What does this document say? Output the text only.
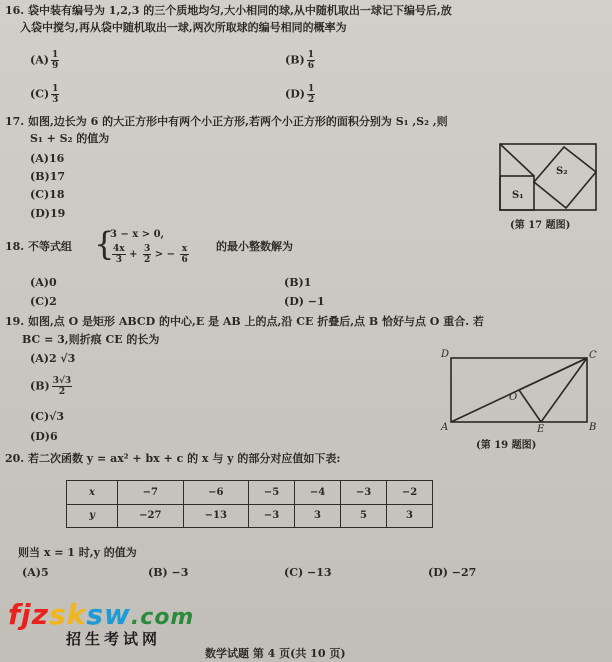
16. 袋中装有编号为 1,2,3 的三个质地均匀,大小相同的球,从中随机取出一球记下编号后,放
入袋中搅匀,再从袋中随机取出一球,两次所取球的编号相同的概率为
$(A) \frac{1}{9}$	$(B) \frac{1}{6}$
$(C) \frac{1}{3}$	$(D) \frac{1}{2}$
17. 如图,边长为 6 的大正方形中有两个小正方形,若两个小正方形的面积分别为 S₁ ,S₂ ,则
S₁ + S₂ 的值为
(A)16
(B)17
(C)18
(D)19
S₂
S₁
(第 17 题图)
18. 不等式组 {
3 − x > 0,
$\frac{4x}{3} + \frac{3}{2}$ > − $\frac{x}{6}$ 的最小整数解为
(A)0	(B)1
(C)2	(D) −1
19. 如图,点 O 是矩形 ABCD 的中心,E 是 AB 上的点,沿 CE 折叠后,点 B 恰好与点 O 重合. 若
BC = 3,则折痕 CE 的长为
(A)2 √3
$(B) \frac{3√3}{2}$
(C)√3
(D)6
D	C
A	B
E
O
(第 19 题图)
20. 若二次函数 y = ax² + bx + c 的 x 与 y 的部分对应值如下表:
x	−7	−6	−5	−4	−3	−2
y	−27	−13	−3	3	5	3
则当 x = 1 时,y 的值为
(A)5	(B) −3	(C) −13	(D) −27
fjzsksw.com
招生考试网
数学试题 第 4 页(共 10 页)
